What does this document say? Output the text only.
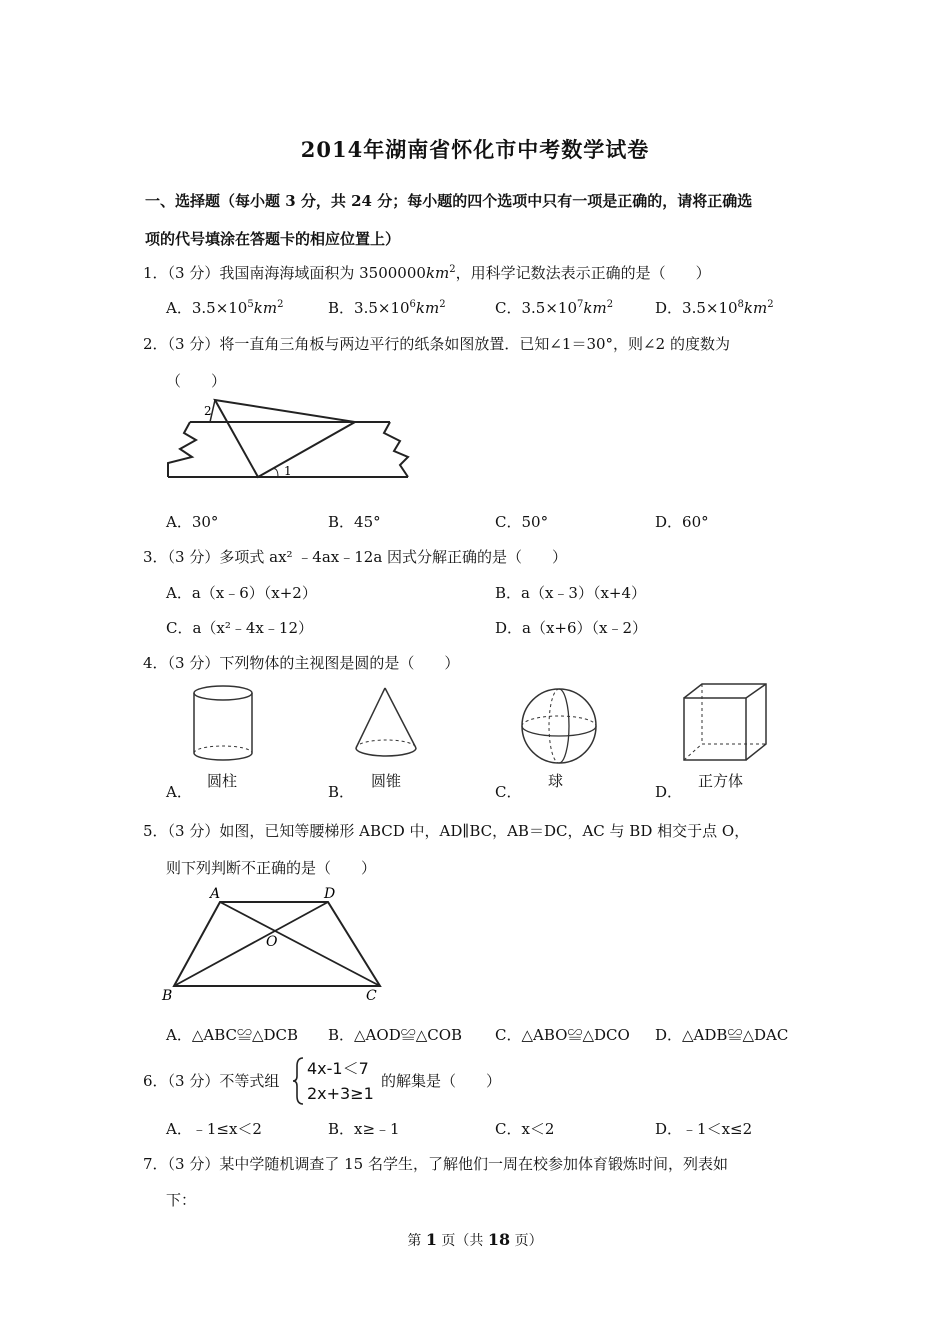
2014年湖南省怀化市中考数学试卷
一、选择题（每小题 3 分，共 24 分；每小题的四个选项中只有一项是正确的，请将正确选
项的代号填涂在答题卡的相应位置上）
1．（3 分）我国南海海域面积为 $3500000km^2$，用科学记数法表示正确的是（　　）
A．$3.5\times 10^5km^2$	B．$3.5\times 10^6km^2$	C．$3.5\times 10^7km^2$	D．$3.5\times 10^8km^2$
2．（3 分）将一直角三角板与两边平行的纸条如图放置．已知∠1＝30°，则∠2 的度数为
（　　）
1
2
A．30°	B．45°	C．50°	D．60°
3．（3 分）多项式 ax² ﹣4ax﹣12a 因式分解正确的是（　　）
A．a（x﹣6）（x+2）	B．a（x﹣3）（x+4）
C．a（x²﹣4x﹣12）	D．a（x+6）（x﹣2）
4．（3 分）下列物体的主视图是圆的是（　　）
圆柱	圆锥	球	正方体
A．	B．	C．	D．
5．（3 分）如图，已知等腰梯形 ABCD 中，AD∥BC，AB＝DC，AC 与 BD 相交于点 O，
则下列判断不正确的是（　　）
A	D
B	C
O
A．△ABC≌△DCB B．△AOD≌△COB C．△ABO≌△DCO D．△ADB≌△DAC
6．（3 分）不等式组
4x-1＜7
2x+3≥1
的解集是（　　）
A．﹣1≤x＜2	B．x≥﹣1	C．x＜2	D．﹣1＜x≤2
7．（3 分）某中学随机调查了 15 名学生，了解他们一周在校参加体育锻炼时间，列表如
下：
第 1 页（共 18 页）
